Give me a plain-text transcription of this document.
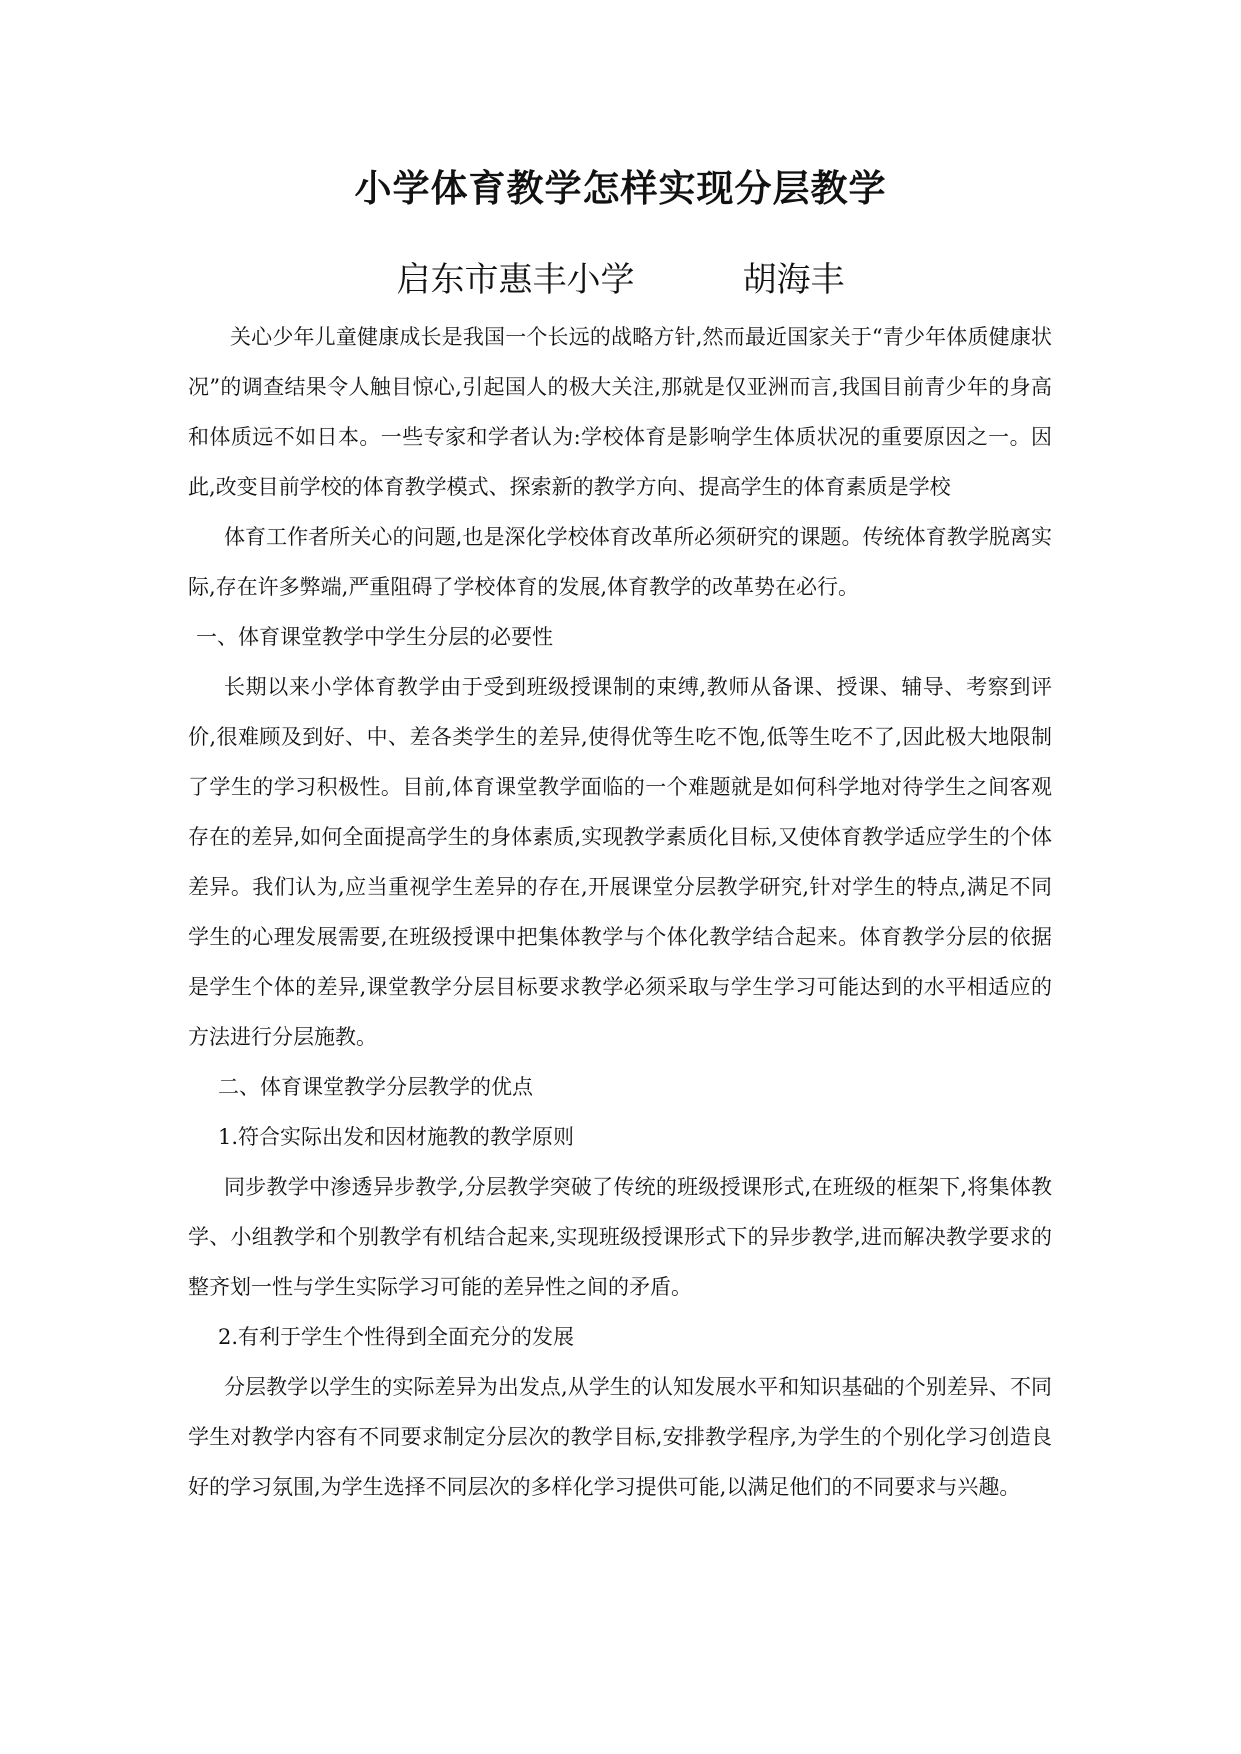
小学体育教学怎样实现分层教学
启东市惠丰小学	胡海丰

关心少年儿童健康成长是我国一个长远的战略方针,然而最近国家关于“青少年体质健康状况”的调查结果令人触目惊心,引起国人的极大关注,那就是仅亚洲而言,我国目前青少年的身高和体质远不如日本。一些专家和学者认为:学校体育是影响学生体质状况的重要原因之一。因此,改变目前学校的体育教学模式、探索新的教学方向、提高学生的体育素质是学校

体育工作者所关心的问题,也是深化学校体育改革所必须研究的课题。传统体育教学脱离实际,存在许多弊端,严重阻碍了学校体育的发展,体育教学的改革势在必行。

一、体育课堂教学中学生分层的必要性

长期以来小学体育教学由于受到班级授课制的束缚,教师从备课、授课、辅导、考察到评价,很难顾及到好、中、差各类学生的差异,使得优等生吃不饱,低等生吃不了,因此极大地限制了学生的学习积极性。目前,体育课堂教学面临的一个难题就是如何科学地对待学生之间客观存在的差异,如何全面提高学生的身体素质,实现教学素质化目标,又使体育教学适应学生的个体差异。我们认为,应当重视学生差异的存在,开展课堂分层教学研究,针对学生的特点,满足不同学生的心理发展需要,在班级授课中把集体教学与个体化教学结合起来。体育教学分层的依据是学生个体的差异,课堂教学分层目标要求教学必须采取与学生学习可能达到的水平相适应的方法进行分层施教。

二、体育课堂教学分层教学的优点

1.符合实际出发和因材施教的教学原则

同步教学中渗透异步教学,分层教学突破了传统的班级授课形式,在班级的框架下,将集体教学、小组教学和个别教学有机结合起来,实现班级授课形式下的异步教学,进而解决教学要求的整齐划一性与学生实际学习可能的差异性之间的矛盾。

2.有利于学生个性得到全面充分的发展

分层教学以学生的实际差异为出发点,从学生的认知发展水平和知识基础的个别差异、不同学生对教学内容有不同要求制定分层次的教学目标,安排教学程序,为学生的个别化学习创造良好的学习氛围,为学生选择不同层次的多样化学习提供可能,以满足他们的不同要求与兴趣。
